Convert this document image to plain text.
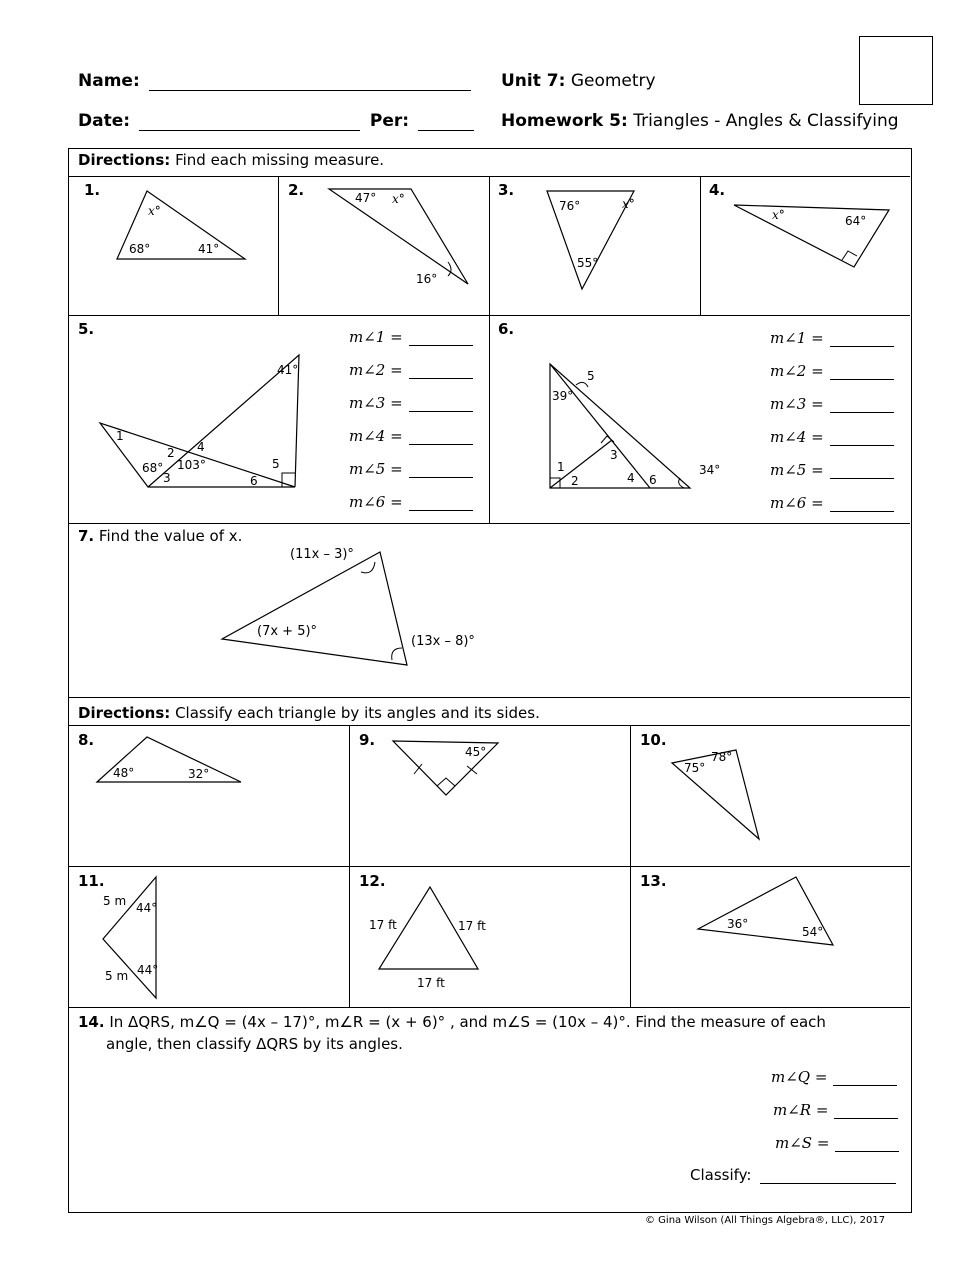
Name:
Date:	Per:
Unit 7: Geometry
Homework 5: Triangles - Angles & Classifying
Directions: Find each missing measure.
1.	2.	3.	4.
x°
68°	41°
47° x°
16°
76°	x°
55°
x°	64°
5.
41°
1
2 4
68°
3
103°	5
6
m∠1 =
m∠2 =
m∠3 =
m∠4 =
m∠5 =
m∠6 =
6.
5
39°
3
1
2	4 6
34°
m∠1 =
m∠2 =
m∠3 =
m∠4 =
m∠5 =
m∠6 =
7. Find the value of x.
(11x – 3)°
(7x + 5)°
(13x – 8)°
Directions: Classify each triangle by its angles and its sides.
8.	9.	10.
11.	12.	13.
48°	32°
45°
75°
78°
5 m 44°
5 m 44°
17 ft	17 ft
17 ft
36°
54°
14. In ΔQRS, m∠Q = (4x – 17)°, m∠R = (x + 6)° , and m∠S = (10x – 4)°. Find the measure of each
angle, then classify ΔQRS by its angles.
m∠Q =
m∠R =
m∠S =
Classify:
© Gina Wilson (All Things Algebra®, LLC), 2017
